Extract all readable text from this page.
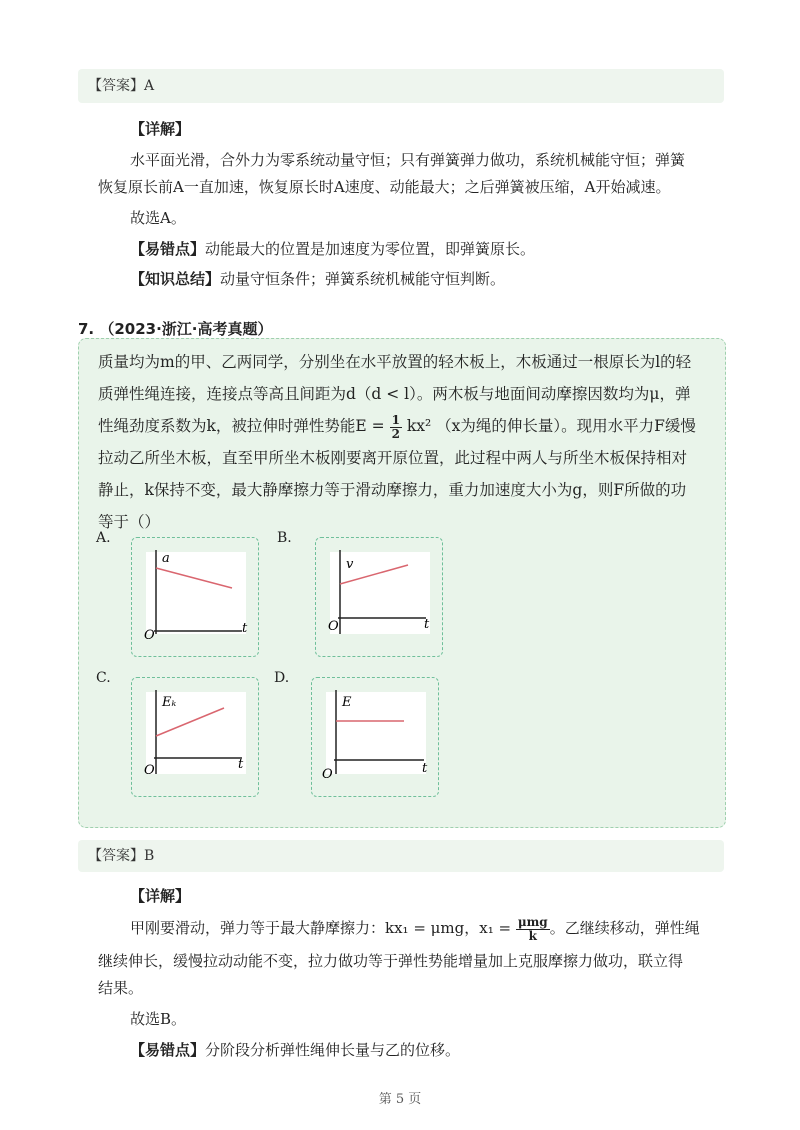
【答案】A
【详解】
水平面光滑，合外力为零系统动量守恒；只有弹簧弹力做功，系统机械能守恒；弹簧
恢复原长前A一直加速，恢复原长时A速度、动能最大；之后弹簧被压缩，A开始减速。
故选A。
【易错点】动能最大的位置是加速度为零位置，即弹簧原长。
【知识总结】动量守恒条件；弹簧系统机械能守恒判断。
7. （2023·浙江·高考真题）
质量均为m的甲、乙两同学，分别坐在水平放置的轻木板上，木板通过一根原长为l的轻
质弹性绳连接，连接点等高且间距为d（d < l）。两木板与地面间动摩擦因数均为μ，弹
性绳劲度系数为k，被拉伸时弹性势能$E = \frac{1}{2} kx^2$ （x为绳的伸长量）。现用水平力F缓慢
拉动乙所坐木板，直至甲所坐木板刚要离开原位置，此过程中两人与所坐木板保持相对
静止，k保持不变，最大静摩擦力等于滑动摩擦力，重力加速度大小为g，则F所做的功
等于（）
A.	B.
C.	D.
a
t
O
v
t
O
Eₖ
t
O
E
t
O
【答案】B
【详解】
甲刚要滑动，弹力等于最大静摩擦力：kx₁ = μmg，x₁ = μmg
k 。乙继续移动，弹性绳
继续伸长，缓慢拉动动能不变，拉力做功等于弹性势能增量加上克服摩擦力做功，联立得
结果。
故选B。
【易错点】分阶段分析弹性绳伸长量与乙的位移。
第 5 页
